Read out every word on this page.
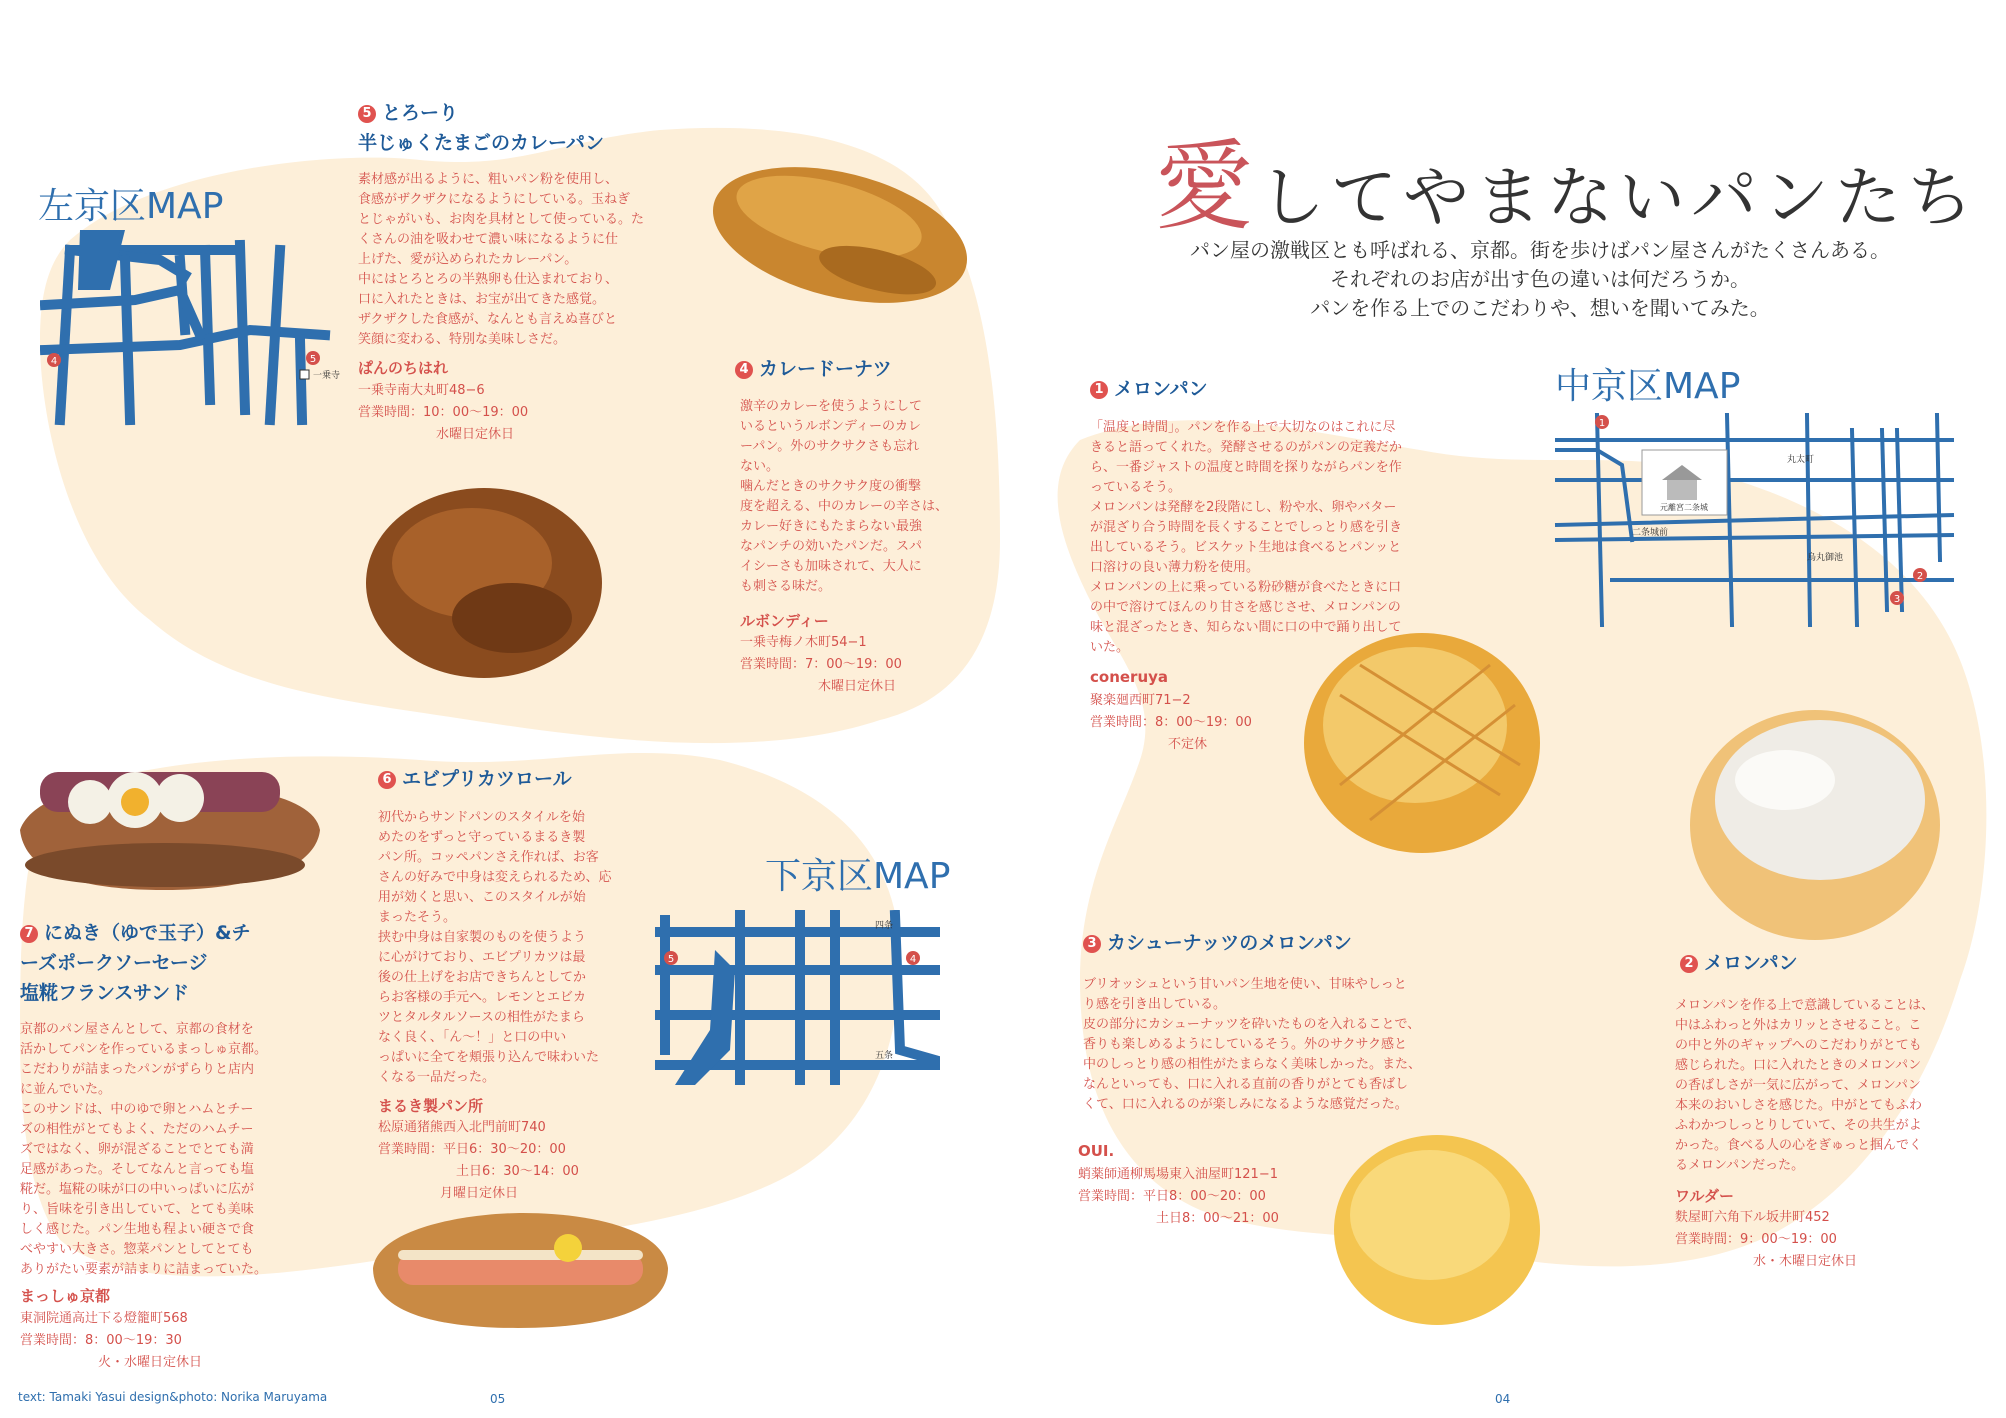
愛してやまないパンたち
パン屋の激戦区とも呼ばれる、京都。街を歩けばパン屋さんがたくさんある。
それぞれのお店が出す色の違いは何だろうか。
パンを作る上でのこだわりや、想いを聞いてみた。
左京区MAP
4	5
一乗寺
下京区MAP
5	4
四条
五条
中京区MAP
元離宮二条城
丸太町
二条城前
烏丸御池
1
2
3
5 とろーり
半じゅくたまごのカレーパン
素材感が出るように、粗いパン粉を使用し、
食感がザクザクになるようにしている。玉ねぎ
とじゃがいも、お肉を具材として使っている。た
くさんの油を吸わせて濃い味になるように仕
上げた、愛が込められたカレーパン。
中にはとろとろの半熟卵も仕込まれており、
口に入れたときは、お宝が出てきた感覚。
ザクザクした食感が、なんとも言えぬ喜びと
笑顔に変わる、特別な美味しさだ。
ぱんのちはれ
一乗寺南大丸町48−6
営業時間：10：00～19：00
水曜日定休日
4 カレードーナツ
激辛のカレーを使うようにして
いるというルボンディーのカレ
ーパン。外のサクサクさも忘れ
ない。
噛んだときのサクサク度の衝撃
度を超える、中のカレーの辛さは、
カレー好きにもたまらない最強
なパンチの効いたパンだ。スパ
イシーさも加味されて、大人に
も刺さる味だ。
ルボンディー
一乗寺梅ノ木町54−1
営業時間：7：00～19：00
木曜日定休日
6 エビプリカツロール
初代からサンドパンのスタイルを始
めたのをずっと守っているまるき製
パン所。コッペパンさえ作れば、お客
さんの好みで中身は変えられるため、応
用が効くと思い、このスタイルが始
まったそう。
挟む中身は自家製のものを使うよう
に心がけており、エビプリカツは最
後の仕上げをお店できちんとしてか
らお客様の手元へ。レモンとエビカ
ツとタルタルソースの相性がたまら
なく良く、「ん～！」と口の中い
っぱいに全てを頬張り込んで味わいた
くなる一品だった。
まるき製パン所
松原通猪熊西入北門前町740
営業時間：平日6：30～20：00
土日6：30～14：00
月曜日定休日
7 にぬき（ゆで玉子）&チ
ーズポークソーセージ
塩糀フランスサンド
京都のパン屋さんとして、京都の食材を
活かしてパンを作っているまっしゅ京都。
こだわりが詰まったパンがずらりと店内
に並んでいた。
このサンドは、中のゆで卵とハムとチー
ズの相性がとてもよく、ただのハムチー
ズではなく、卵が混ざることでとても満
足感があった。そしてなんと言っても塩
糀だ。塩糀の味が口の中いっぱいに広が
り、旨味を引き出していて、とても美味
しく感じた。パン生地も程よい硬さで食
べやすい大きさ。惣菜パンとしてとても
ありがたい要素が詰まりに詰まっていた。
まっしゅ京都
東洞院通高辻下る燈籠町568
営業時間：8：00～19：30
火・水曜日定休日
1 メロンパン
「温度と時間」。パンを作る上で大切なのはこれに尽
きると語ってくれた。発酵させるのがパンの定義だか
ら、一番ジャストの温度と時間を探りながらパンを作
っているそう。
メロンパンは発酵を2段階にし、粉や水、卵やバター
が混ざり合う時間を長くすることでしっとり感を引き
出しているそう。ビスケット生地は食べるとパンッと
口溶けの良い薄力粉を使用。
メロンパンの上に乗っている粉砂糖が食べたときに口
の中で溶けてほんのり甘さを感じさせ、メロンパンの
味と混ざったとき、知らない間に口の中で踊り出して
いた。
coneruya
聚楽廻西町71−2
営業時間：8：00～19：00
不定休
3 カシューナッツのメロンパン
ブリオッシュという甘いパン生地を使い、甘味やしっと
り感を引き出している。
皮の部分にカシューナッツを砕いたものを入れることで、
香りも楽しめるようにしているそう。外のサクサク感と
中のしっとり感の相性がたまらなく美味しかった。また、
なんといっても、口に入れる直前の香りがとても香ばし
くて、口に入れるのが楽しみになるような感覚だった。
OUI.
蛸薬師通柳馬場東入油屋町121−1
営業時間：平日8：00～20：00
土日8：00～21：00
2 メロンパン
メロンパンを作る上で意識していることは、
中はふわっと外はカリッとさせること。こ
の中と外のギャップへのこだわりがとても
感じられた。口に入れたときのメロンパン
の香ばしさが一気に広がって、メロンパン
本来のおいしさを感じた。中がとてもふわ
ふわかつしっとりしていて、その共生がよ
かった。食べる人の心をぎゅっと掴んでく
るメロンパンだった。
ワルダー
麩屋町六角下ル坂井町452
営業時間：9：00～19：00
水・木曜日定休日
text: Tamaki Yasui design&photo: Norika Maruyama	05	04
